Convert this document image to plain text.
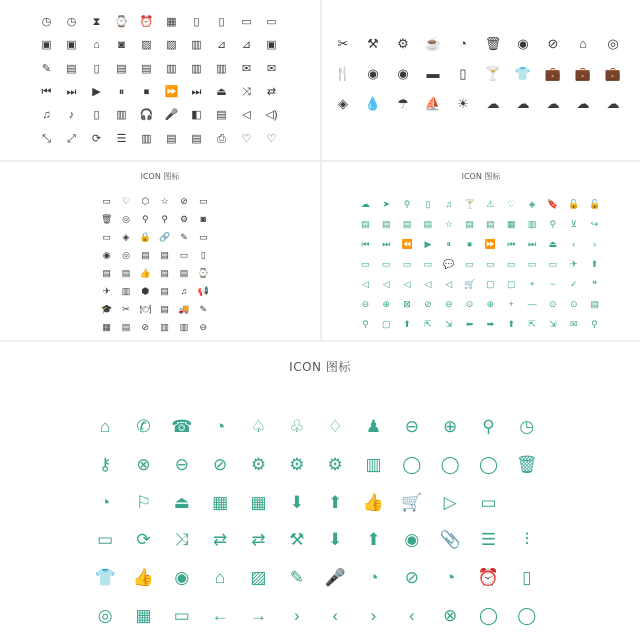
◷	◷	⧗	⌚	⏰	▦	▯	▯	▭	▭
▣	▣	⌂	◙	▨	▨	▥	⊿	⊿	▣
✎	▤	▯	▤	▤	▥	▥	▥	✉	✉
⏮	⏭	▶	⏸	⏹	⏩	⏭	⏏	⤨	⇄
♫	♪	▯	▥	🎧	🎤	◧	▤	◁	◁)
⤡	⤢	⟳	☰	▥	▤	▤	⎙	♡	♡
✂	⚒	⚙	☕	◔	🗑	◉	⊘	⌂	◎
🍴	◉	◉	▬	▯	🍸	👕	💼	💼	💼
◈	💧	☂	⛵	☀	☁	☁	☁	☁	☁
ICON 图标
▭	♡	⬡	☆	⊘	▭
🗑	◎	⚲	⚲	⚙	◙
▭	◈	🔒 🔗	✎	▭
◉	◎	▤	▤	▭	▯
▤	▤	👍	▤	▤	⌚
✈	▥	⬢	▤	♫	📢
🎓	✂	🍽	▤	🚚	✎
▦	▤	⊘	▥	▥	⊖
ICON 图标
☁	➤	⚲	▯	♫	🍸	⚠	♡	◈	🔖	🔓	🔓
▤	▤	▤	▤	☆	▤	▤	▦	▥	⚲	⊻	↪
⏮	⏭	⏪	▶	⏸	⏹	⏩	⏮	⏭	⏏	‹	›
▭	▭	▭	▭	💬	▭	▭	▭	▭	▭	✈	⬆
◁	◁	◁	◁	◁	🛒	▢	▢	+	−	✓	❝
⊖	⊕	⊠	⊘	⊖	⊙	⊕	+	—	⊙	⊙	▤
⚲	▢	⬆	⇱	⇲	⬅	➡	⬆	⇱	⇲	✉	⚲
ICON 图标
⌂	✆	☎	◔	♤	♧	♢	♟	⊖	⊕	⚲	◷
⚷	⊗	⊖	⊘	⚙	⚙	⚙	▥	◯	◯	◯	🗑
◔	⚐	⏏	▦	▦	⬇	⬆	👍	🛒	▷	▭
▭	⟳	⤨	⇄	⇄	⚒	⬇	⬆	◉	📎	☰	⫶
👕	👍	◉	⌂	▨	✎	🎤	◔	⊘	◔	⏰	▯
◎	▦	▭	←	→	›	‹	›	‹	⊗	◯	◯
